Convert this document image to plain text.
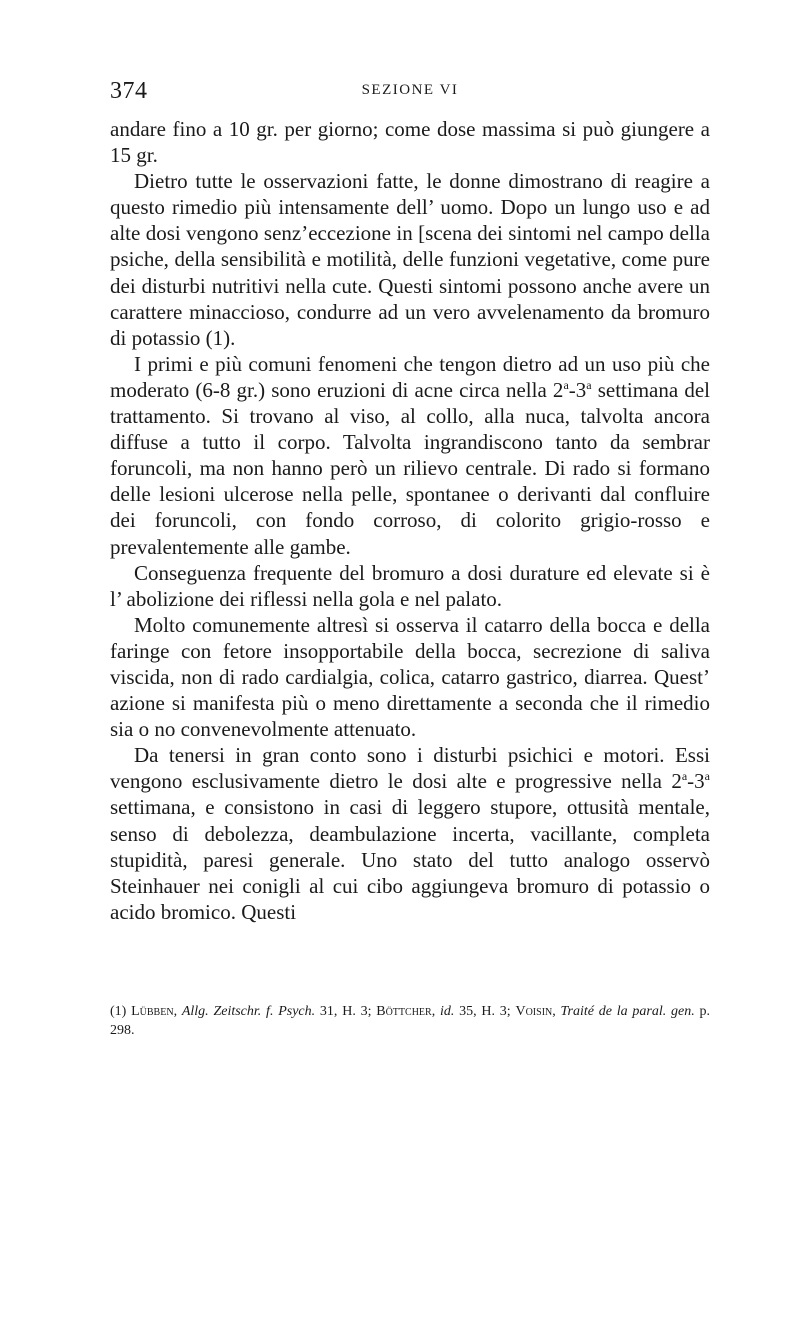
374	SEZIONE VI

andare fino a 10 gr. per giorno; come dose massima si può giungere a 15 gr.

Dietro tutte le osservazioni fatte, le donne dimostrano di reagire a questo rimedio più intensamente dell’ uomo. Dopo un lungo uso e ad alte dosi vengono senz’eccezione in [scena dei sintomi nel campo della psiche, della sensibilità e motilità, delle funzioni vegetative, come pure dei disturbi nutritivi nella cute. Questi sintomi possono anche avere un carattere minaccioso, condurre ad un vero avvelenamento da bromuro di potassio (1).

I primi e più comuni fenomeni che tengon dietro ad un uso più che moderato (6-8 gr.) sono eruzioni di acne circa nella 2$^a$-3$^a$ settimana del trattamento. Si trovano al viso, al collo, alla nuca, talvolta ancora diffuse a tutto il corpo. Talvolta ingrandiscono tanto da sembrar foruncoli, ma non hanno però un rilievo centrale. Di rado si formano delle lesioni ulcerose nella pelle, spontanee o derivanti dal confluire dei foruncoli, con fondo corroso, di colorito grigio-rosso e prevalentemente alle gambe.

Conseguenza frequente del bromuro a dosi durature ed elevate si è l’ abolizione dei riflessi nella gola e nel palato.

Molto comunemente altresì si osserva il catarro della bocca e della faringe con fetore insopportabile della bocca, secrezione di saliva viscida, non di rado cardialgia, colica, catarro gastrico, diarrea. Quest’ azione si manifesta più o meno direttamente a seconda che il rimedio sia o no convenevolmente attenuato.

Da tenersi in gran conto sono i disturbi psichici e motori. Essi vengono esclusivamente dietro le dosi alte e progressive nella 2$^a$-3$^a$ settimana, e consistono in casi di leggero stupore, ottusità mentale, senso di debolezza, deambulazione incerta, vacillante, completa stupidità, paresi generale. Uno stato del tutto analogo osservò Steinhauer nei conigli al cui cibo aggiungeva bromuro di potassio o acido bromico. Questi

(1) Lübben, Allg. Zeitschr. f. Psych. 31, H. 3; Böttcher, id. 35, H. 3; Voisin, Traité de la paral. gen. p. 298.
